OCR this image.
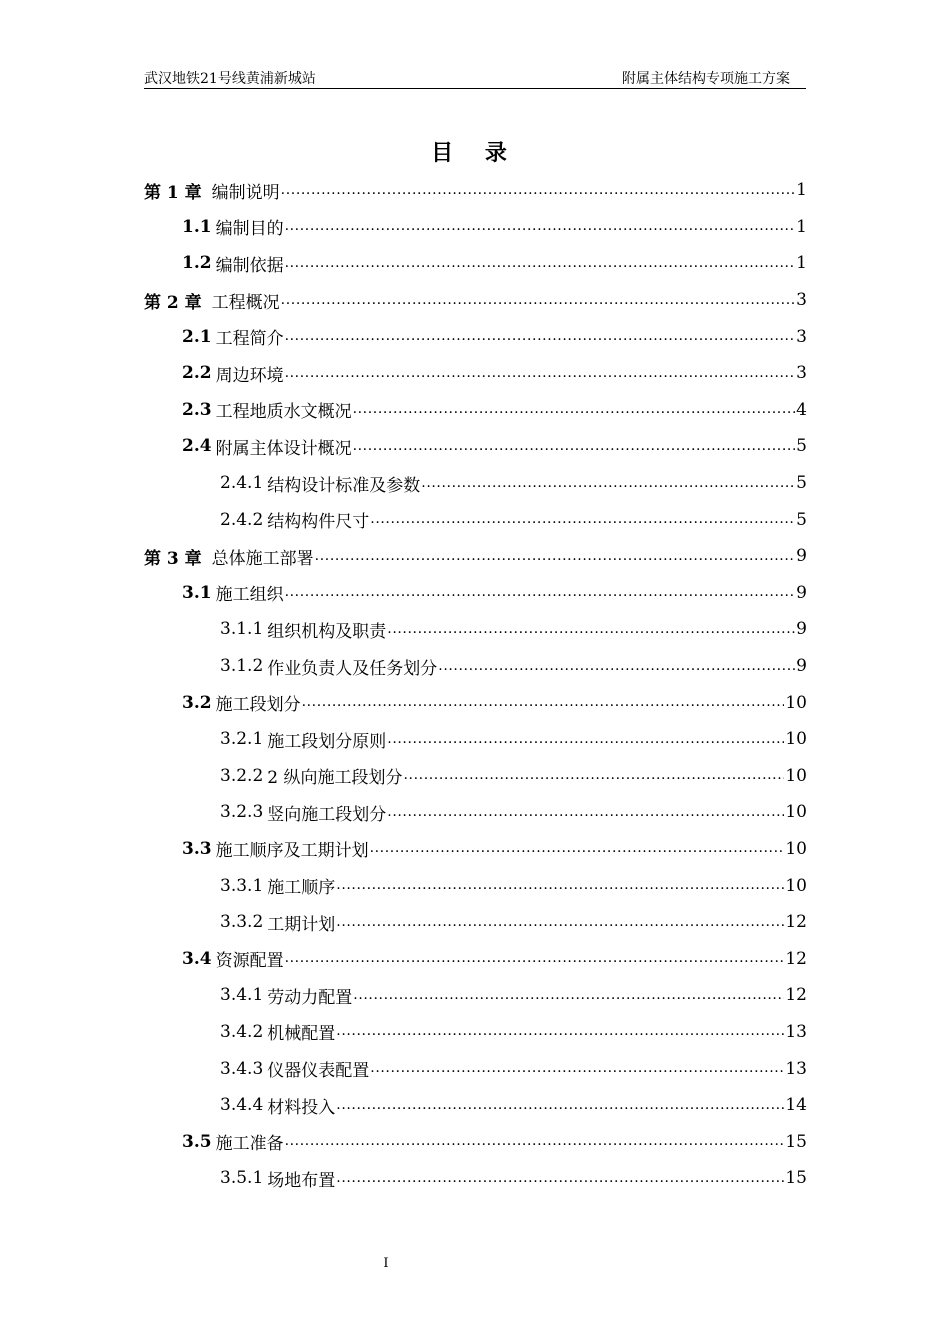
武汉地铁21号线黄浦新城站	附属主体结构专项施工方案
目 录
第 1 章 编制说明 .....	1
1.1 编制目的 .....	1
1.2 编制依据 .....	1
第 2 章 工程概况 .....	3
2.1 工程简介 .....	3
2.2 周边环境 .....	3
2.3 工程地质水文概况 .....	4
2.4 附属主体设计概况 .....	5
2.4.1 结构设计标准及参数 .....	5
2.4.2 结构构件尺寸 .....	5
第 3 章 总体施工部署 .....	9
3.1 施工组织 .....	9
3.1.1 组织机构及职责 .....	9
3.1.2 作业负责人及任务划分 .....	9
3.2 施工段划分 .....	10
3.2.1 施工段划分原则 .....	10
3.2.2 2 纵向施工段划分 .....	10
3.2.3 竖向施工段划分 .....	10
3.3 施工顺序及工期计划 .....	10
3.3.1 施工顺序 .....	10
3.3.2 工期计划 .....	12
3.4 资源配置 .....	12
3.4.1 劳动力配置 .....	12
3.4.2 机械配置 .....	13
3.4.3 仪器仪表配置 .....	13
3.4.4 材料投入 .....	14
3.5 施工准备 .....	15
3.5.1 场地布置 .....	15
I
